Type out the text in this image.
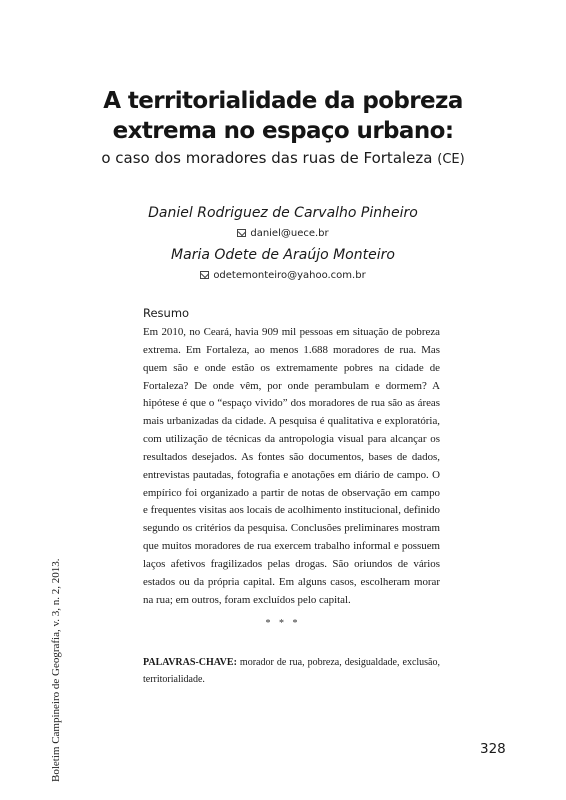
A territorialidade da pobreza
extrema no espaço urbano:
o caso dos moradores das ruas de Fortaleza (CE)
Daniel Rodriguez de Carvalho Pinheiro
daniel@uece.br
Maria Odete de Araújo Monteiro
odetemonteiro@yahoo.com.br
Resumo

Em 2010, no Ceará, havia 909 mil pessoas em situação de pobreza extrema. Em Fortaleza, ao menos 1.688 moradores de rua. Mas quem são e onde estão os extremamente pobres na cidade de Fortaleza? De onde vêm, por onde perambulam e dormem? A hipótese é que o “espaço vivido” dos moradores de rua são as áreas mais urbanizadas da cidade. A pesquisa é qualitativa e exploratória, com utilização de técnicas da antropologia visual para alcançar os resultados desejados. As fontes são documentos, bases de dados, entrevistas pautadas, fotografia e anotações em diário de campo. O empírico foi organizado a partir de notas de observação em campo e frequentes visitas aos locais de acolhimento institucional, definido segundo os critérios da pesquisa. Conclusões preliminares mostram que muitos moradores de rua exercem trabalho informal e possuem laços afetivos fragilizados pelas drogas. São oriundos de vários estados ou da própria capital. Em alguns casos, escolheram morar na rua; em outros, foram excluídos pelo capital.

* * *

PALAVRAS-CHAVE: morador de rua, pobreza, desigualdade, exclusão, territorialidade.

Boletim Campineiro de Geografia, v. 3, n. 2, 2013.	328
